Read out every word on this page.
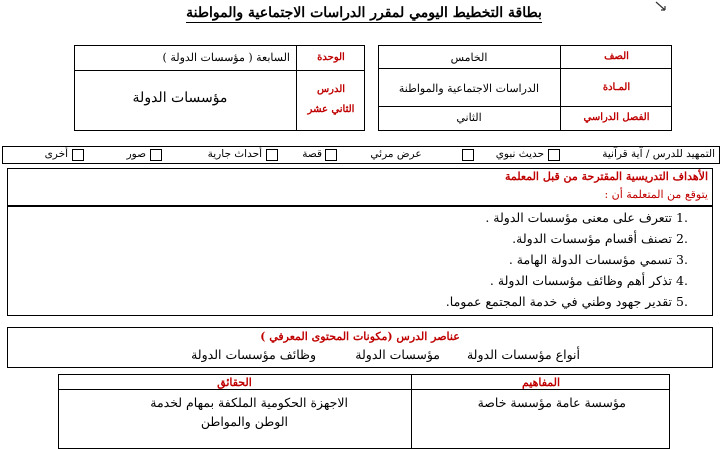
بطاقة التخطيط اليومي لمقرر الدراسات الاجتماعية والمواطنة
الوحدة
السابعة ( مؤسسات الدولة )
الدرس
الثاني عشر
مؤسسات الدولة
الصف
الخامس
المـادة
الدراسات الاجتماعية والمواطنة
الفصل الدراسي
الثاني
التمهيد للدرس / آية قرآنية
حديث نبوي
عرض مرئي
قصة
أحداث جارية
صور
أخرى
الأهداف التدريسية المقترحة من قبل المعلمة
يتوقع من المتعلمة أن :
1.
تتعرف على معنى مؤسسات الدولة .
2.
تصنف أقسام مؤسسات الدولة.
3.
تسمي مؤسسات الدولة الهامة .
4.
تذكر أهم وظائف مؤسسات الدولة .
5.
تقدير جهود وطني في خدمة المجتمع عموما.
عناصر الدرس (مكونات المحتوى المعرفي )
أنواع مؤسسات الدولة
مؤسسات الدولة
وظائف مؤسسات الدولة
المفاهيم
الحقائق
مؤسسة عامة مؤسسة خاصة
الاجهزة الحكومية الملكفة بمهام لخدمة
الوطن والمواطن
